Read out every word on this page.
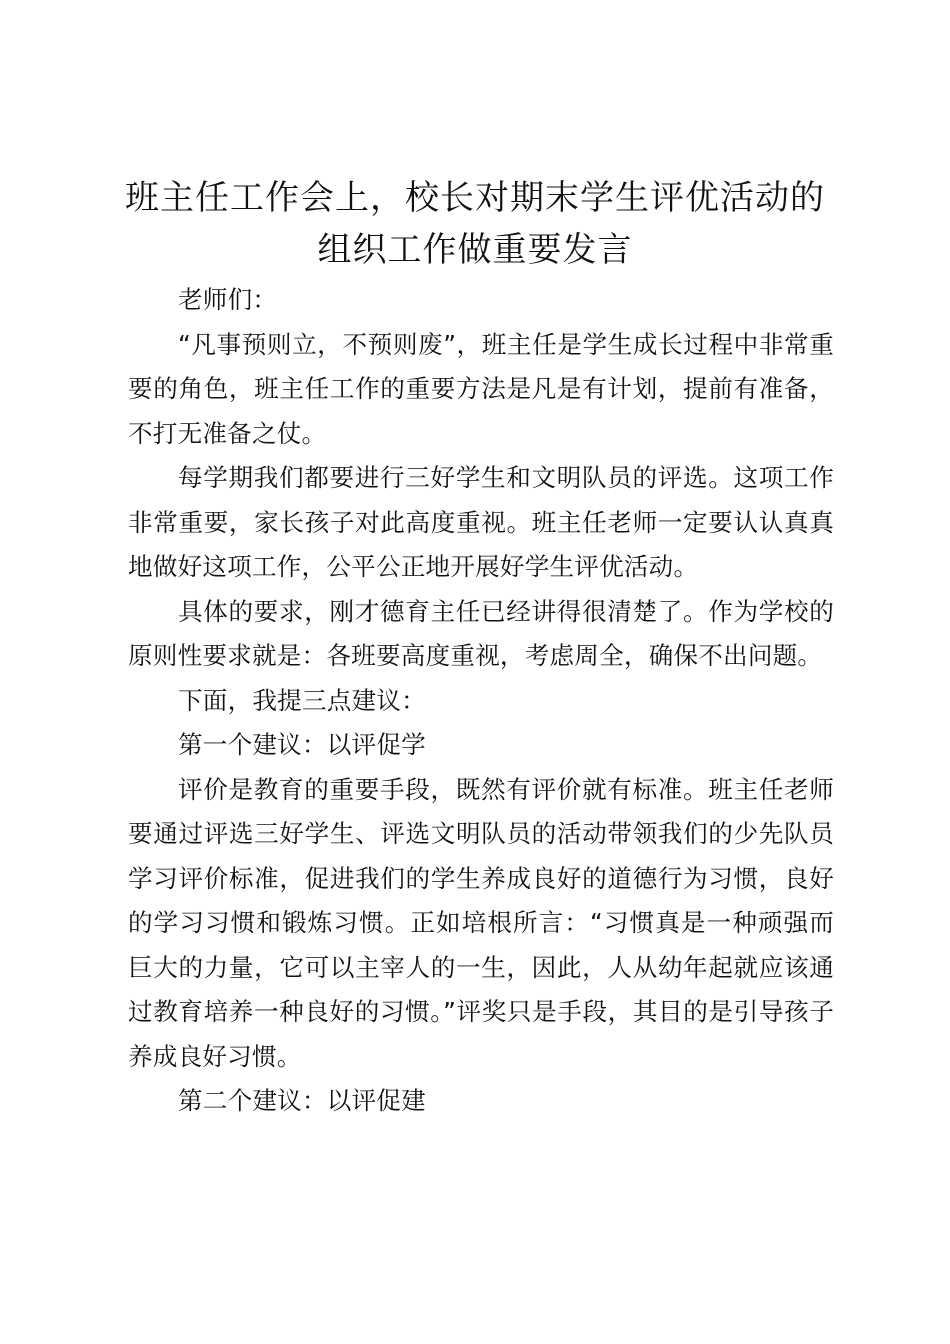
班主任工作会上，校长对期末学生评优活动的
组织工作做重要发言

老师们：

“凡事预则立，不预则废”，班主任是学生成长过程中非常重要的角色，班主任工作的重要方法是凡是有计划，提前有准备，不打无准备之仗。

每学期我们都要进行三好学生和文明队员的评选。这项工作非常重要，家长孩子对此高度重视。班主任老师一定要认认真真地做好这项工作，公平公正地开展好学生评优活动。

具体的要求，刚才德育主任已经讲得很清楚了。作为学校的原则性要求就是：各班要高度重视，考虑周全，确保不出问题。

下面，我提三点建议：

第一个建议：以评促学

评价是教育的重要手段，既然有评价就有标准。班主任老师要通过评选三好学生、评选文明队员的活动带领我们的少先队员学习评价标准，促进我们的学生养成良好的道德行为习惯，良好的学习习惯和锻炼习惯。正如培根所言：“习惯真是一种顽强而巨大的力量，它可以主宰人的一生，因此，人从幼年起就应该通过教育培养一种良好的习惯。”评奖只是手段，其目的是引导孩子养成良好习惯。

第二个建议：以评促建
